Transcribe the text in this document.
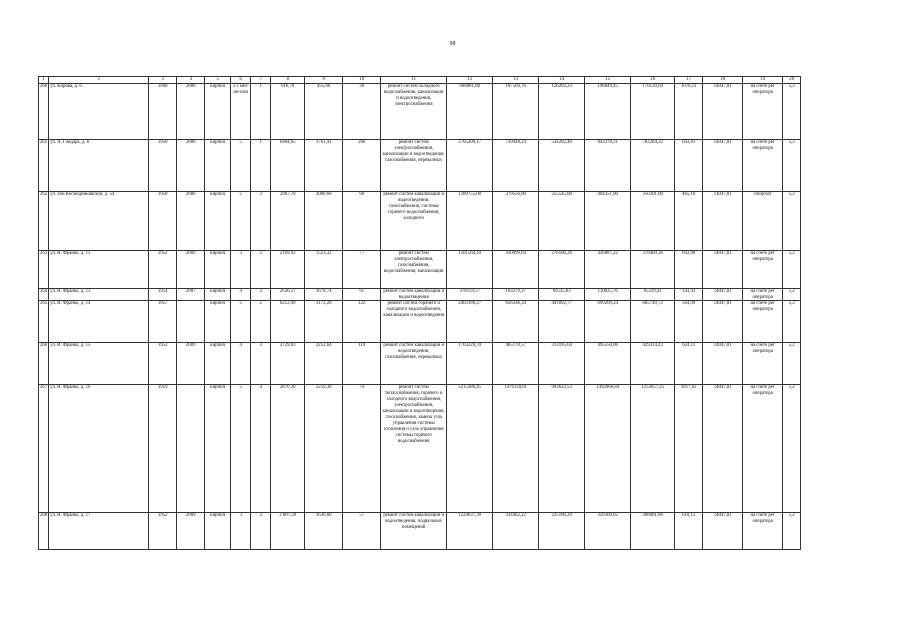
98
1	2	3	4	5	6	7	8	9	10	11	12	13	14	15	16	17	18	19	20

260	ул. Кирова, д. 6	1940	2009	кирпич	2 с мез-ни-ном	1	616,70	455,60	36	ремонт систем холодного водоснабжения, канализации и водоотведения, электроснабжения	688881,08	187569,76	126202,23	196849,45	178139,64	1078,11	14047,81	на счете рег оператора	5,2

261	ул. А. Гайдара, д. 6	1958	2009	кирпич	5	1	6484,65	3761,41	206	ремонт систем электроснабжения, канализации и водоотведения, газоснабжения, перевалных	2705200,17	739448,24	534202,40	843270,21	782284,32	643,81	14047,81	на счете рег оператора	5,2

262	ул. Зои Космодемьянской, д. 54	1958	2006	кирпич	5	3	2967,70	2000,60	90	ремонт систем канализации и водоотведения, газоснабжения, системы горячего водоснабжения, холодного	1389755,00	379556,00	255545,00	404351,00	350301,00	465,16	14047,81	спецсчет	5,2

263	ул. И. Франко, д. 11	1952	2009	кирпич	3	2	2169,92	1523,32	77	ремонт систем электроснабжения, газоснабжения, водоснабжения, канализации	1501564,10	410099,04	276106,26	436887,22	378469,36	692,00	14047,81	на счете рег оператора	5,2

264	ул. И. Франко, д. 13	1954	2007	кирпич	4	2	2636,57	1678,74	91	ремонт систем канализации и водоотведения	378159,57	103279,37	69535,03	110025,76	95319,41	143,43	14047,81	на счете рег оператора	5,2

265	ул. И. Франко, д. 14	1957		кирпич	5	2	6253,49	3172,20	122	ремонт систем горячего и холодного водоснабжения, канализации и водоотведения	2403188,27	656336,34	441892,77	699209,24	605749,72	564,99	14047,81	на счете рег оператора	5,2

266	ул. И. Франко, д. 15	1952	2009	кирпич	4	3	2729,03	2252,64	110	ремонт систем канализации и водоотведения, газоснабжения, перевалных	1703220,70	465170,57	313185,64	495550,06	429314,43	624,11	14047,81	на счете рег оператора	5,2

267	ул. И. Франко, д. 16	1959		кирпич	5	4	2870,30	2259,30	74	ремонт систем теплоснабжения, горячего и холодного водоснабжения, электроснабжения, канализации и водоотведения, газоснабжения, замена узла управления системы отопления и узла управления системы горячего водоснабжения	5215386,45	1476139,81	993623,53	1492966,84	1252657,25	1817,02	14047,81	на счете рег оператора	5,2

268	ул. И. Франко, д. 17	1952	2009	кирпич	3	2	2 007,20	1636,60	57	ремонт систем канализации и водоотведения, подвальных помещений	1224637,30	334462,22	225180,20	356309,02	308681,86	610,12	14047,81	на счете рег оператора	5,2
